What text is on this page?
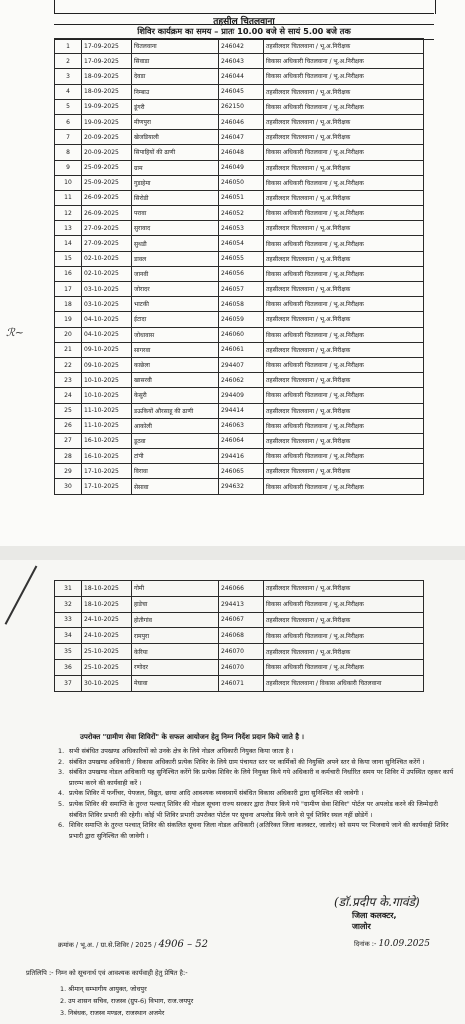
तहसील चितलवाना
शिविर कार्यक्रम का समय – प्रातः 10.00 बजे से सायं 5.00 बजे तक
1	17-09-2025	चितलवाना	246042	तहसीलदार चितलवाना / भू.अ.निरीक्षक
2	17-09-2025	सिवाडा	246043	विकास अधिकारी चितलवाना / भू.अ.निरीक्षक
3	18-09-2025	देवडा	246044	विकास अधिकारी चितलवाना / भू.अ.निरीक्षक
4	18-09-2025	निम्बाउ	246045	तहसीलदार चितलवाना / भू.अ.निरीक्षक
5	19-09-2025	डूंगरी	262150	विकास अधिकारी चितलवाना / भू.अ.निरीक्षक
6	19-09-2025	मीणपुरा	246046	तहसीलदार चितलवाना / भू.अ.निरीक्षक
7	20-09-2025	खेजडियाली	246047	तहसीलदार चितलवाना / भू.अ.निरीक्षक
8	20-09-2025	सिपाहियों की ढाणी	246048	विकास अधिकारी चितलवाना / भू.अ.निरीक्षक
9	25-09-2025	ग्राम	246049	तहसीलदार चितलवाना / भू.अ.निरीक्षक
10	25-09-2025	गुडाहेमा	246050	विकास अधिकारी चितलवाना / भू.अ.निरीक्षक
11	26-09-2025	सिरोडी	246051	तहसीलदार चितलवाना / भू.अ.निरीक्षक
12	26-09-2025	परावा	246052	विकास अधिकारी चितलवाना / भू.अ.निरीक्षक
13	27-09-2025	सुरावाद	246053	तहसीलदार चितलवाना / भू.अ.निरीक्षक
14	27-09-2025	सुथडी	246054	विकास अधिकारी चितलवाना / भू.अ.निरीक्षक
15	02-10-2025	डावल	246055	तहसीलदार चितलवाना / भू.अ.निरीक्षक
16	02-10-2025	जानवी	246056	विकास अधिकारी चितलवाना / भू.अ.निरीक्षक
17	03-10-2025	जोरादर	246057	तहसीलदार चितलवाना / भू.अ.निरीक्षक
18	03-10-2025	भाटकी	246058	विकास अधिकारी चितलवाना / भू.अ.निरीक्षक
19	04-10-2025	ईटादा	246059	तहसीलदार चितलवाना / भू.अ.निरीक्षक
20	04-10-2025	जोधावास	246060	विकास अधिकारी चितलवाना / भू.अ.निरीक्षक
21	09-10-2025	सागरवा	246061	तहसीलदार चितलवाना / भू.अ.निरीक्षक
22	09-10-2025	काछेला	294407	विकास अधिकारी चितलवाना / भू.अ.निरीक्षक
23	10-10-2025	खासरवी	246062	तहसीलदार चितलवाना / भू.अ.निरीक्षक
24	10-10-2025	केसुरी	294409	विकास अधिकारी चितलवाना / भू.अ.निरीक्षक
25	11-10-2025	डऊकियों औरसाहू की ढाणी	294414	तहसीलदार चितलवाना / भू.अ.निरीक्षक
26	11-10-2025	आकोली	246063	विकास अधिकारी चितलवाना / भू.अ.निरीक्षक
27	16-10-2025	डूठवा	246064	तहसीलदार चितलवाना / भू.अ.निरीक्षक
28	16-10-2025	टांपी	294416	विकास अधिकारी चितलवाना / भू.अ.निरीक्षक
29	17-10-2025	विरावा	246065	तहसीलदार चितलवाना / भू.अ.निरीक्षक
30	17-10-2025	सेसावा	294632	विकास अधिकारी चितलवाना / भू.अ.निरीक्षक
ℛ~
31	18-10-2025	गोमी	246066	तहसीलदार चितलवाना / भू.अ.निरीक्षक
32	18-10-2025	हाडेचा	294413	विकास अधिकारी चितलवाना / भू.अ.निरीक्षक
33	24-10-2025	होतीगांव	246067	तहसीलदार चितलवाना / भू.अ.निरीक्षक
34	24-10-2025	रामपुरा	246068	विकास अधिकारी चितलवाना / भू.अ.निरीक्षक
35	25-10-2025	केरिया	246070	तहसीलदार चितलवाना / भू.अ.निरीक्षक
36	25-10-2025	रणोदर	246070	विकास अधिकारी चितलवाना / भू.अ.निरीक्षक
37	30-10-2025	मेघावा	246071	तहसीलदार चितलवाना / विकास अधिकारी चितलवाना
उपरोक्त "ग्रामीण सेवा शिविरों" के सफल आयोजन हेतु निम्न निर्देश प्रदान किये जाते है ।
1. सभी संबंधित उपखण्ड अधिकारियों को उनके क्षेत्र के लिये नोडल अधिकारी नियुक्त किया जाता है ।
2. संबंधित उपखण्ड अधिकारी / विकास अधिकारी प्रत्येक शिविर के लिये ग्राम पंचायत स्तर पर कार्मिकों की नियुक्ति अपने स्तर से किया जाना सुनिश्चित करेंगें ।
3. संबंधित उपखण्ड नोडल अधिकारी यह सुनिश्चित करेंगे कि प्रत्येक शिविर के लिये नियुक्त किये गये अधिकारी व कर्मचारी निर्धारित समय पर शिविर में उपस्थित रहकर कार्य प्रारम्भ करने की कार्यवाही करें ।
4. प्रत्येक शिविर में फर्नीचर, पेयजल, विद्युत, छाया आदि आवश्यक व्यवस्थायें संबंधित विकास अधिकारी द्वारा सुनिश्चित की जावेगी ।
5. प्रत्येक शिविर की समाप्ति के तुरन्त पश्चात् शिविर की नोडल सूचना राज्य सरकार द्वारा तैयार किये गये "ग्रामीण सेवा शिविर" पोर्टल पर अपलोड करने की जिम्मेदारी संबंधित शिविर प्रभारी की रहेगी। कोई भी शिविर प्रभारी उपरोक्त पोर्टल पर सूचना अपलोड किये जाने से पूर्व शिविर स्थल नहीं छोडेगें ।
6. शिविर समाप्ति के तुरन्त पश्चात् शिविर की संकलित सूचना जिला नोडल अधिकारी (अतिरिक्त जिला कलक्टर, जालोर) को समय पर भिजवाये जाने की कार्यवाही शिविर प्रभारी द्वारा सुनिश्चित की जावेगी ।
(डॉ.प्रदीप के.गावंडे)
जिला कलक्टर,
जालोर
क्रमांक / भू.अ. / ग्रा.से.शिविर / 2025 / 4906 – 52	दिनांक :- 10.09.2025
प्रतिलिपि :- निम्न को सूचनार्थ एवं आवश्यक कार्यवाही हेतु प्रेषित है:-
1. श्रीमान् सम्भागीय आयुक्त, जोधपुर
2. उप शासन सचिव, राजस्व (ग्रुप-6) विभाग, राज.जयपुर
3. निबंधक, राजस्व मण्डल, राजस्थान अजमेर
